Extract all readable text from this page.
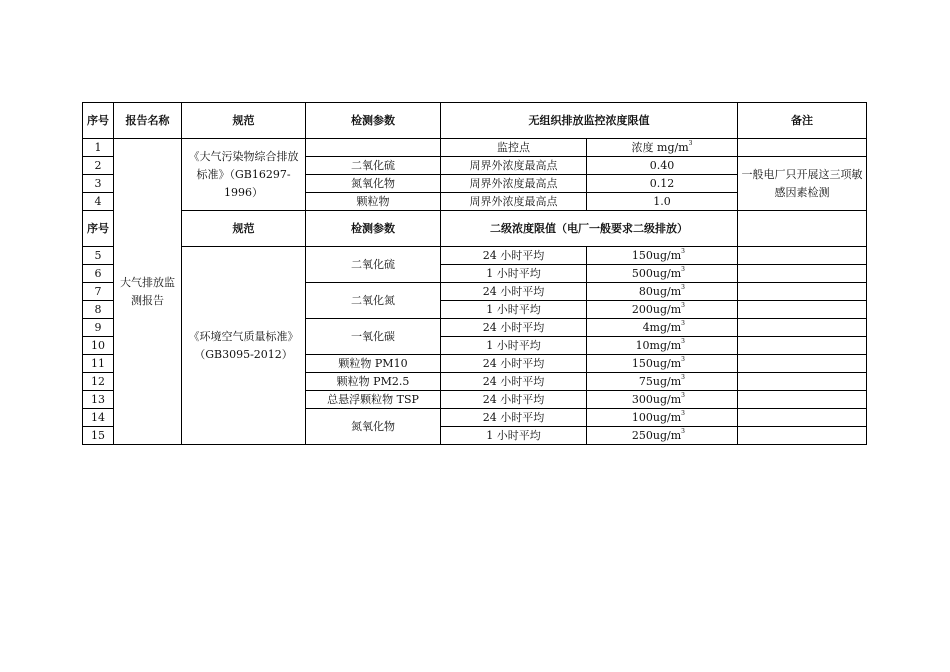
序号	报告名称	规范	检测参数	无组织排放监控浓度限值		备注
1	大气排放监测报告	《大气污染物综合排放标准》（GB16297-1996）		监控点	浓度 $mg/m^3$	
2			二氧化硫	周界外浓度最高点	0.40	一般电厂只开展这三项敏感因素检测
3			氮氧化物	周界外浓度最高点	0.12	
4			颗粒物	周界外浓度最高点	1.0	
序号		规范	检测参数	二级浓度限值（电厂一般要求二级排放）		
5		《环境空气质量标准》（GB3095-2012）	二氧化硫	24 小时平均	$150ug/m^3$	
6				1 小时平均	$500ug/m^3$	
7			二氧化氮	24 小时平均	$80ug/m^3$	
8				1 小时平均	$200ug/m^3$	
9			一氧化碳	24 小时平均	$4mg/m^3$	
10				1 小时平均	$10mg/m^3$	
11			颗粒物 PM10	24 小时平均	$150ug/m^3$	
12			颗粒物 PM2.5	24 小时平均	$75ug/m^3$	
13			总悬浮颗粒物 TSP	24 小时平均	$300ug/m^3$	
14			氮氧化物	24 小时平均	$100ug/m^3$	
15				1 小时平均	$250ug/m^3$	
